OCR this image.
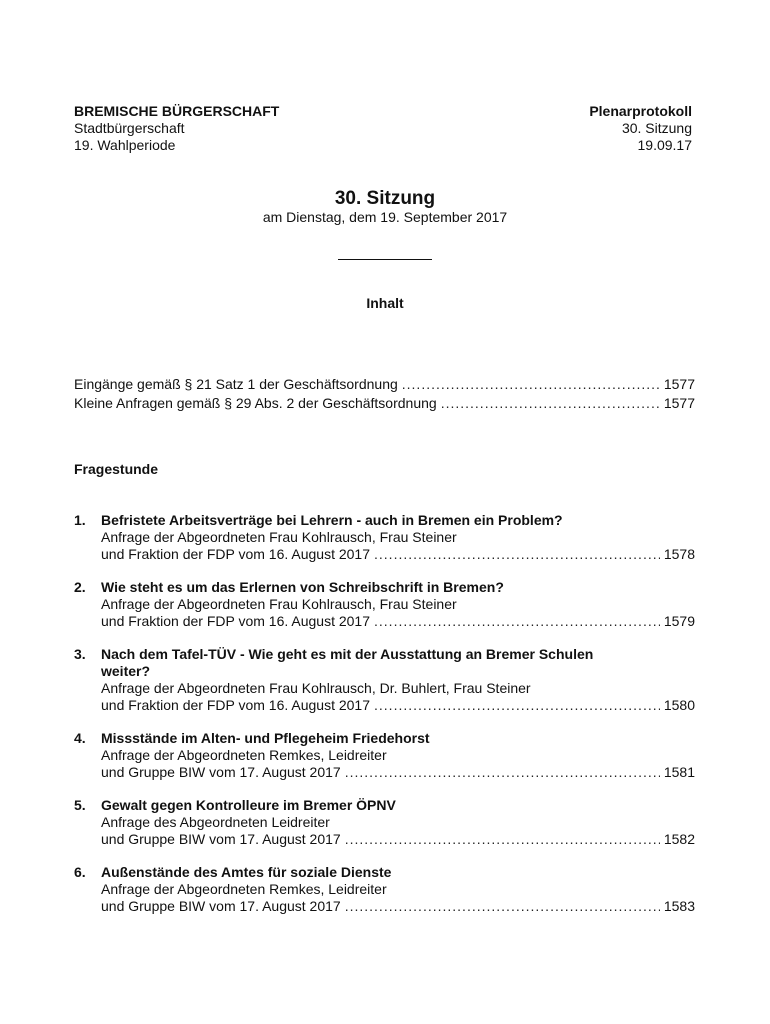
BREMISCHE BÜRGERSCHAFT
Stadtbürgerschaft
19. Wahlperiode
Plenarprotokoll
30. Sitzung
19.09.17
30. Sitzung
am Dienstag, dem 19. September 2017
Inhalt
Eingänge gemäß § 21 Satz 1 der Geschäftsordnung .....	1577
Kleine Anfragen gemäß § 29 Abs. 2 der Geschäftsordnung .....	1577
Fragestunde
1. Befristete Arbeitsverträge bei Lehrern - auch in Bremen ein Problem?
Anfrage der Abgeordneten Frau Kohlrausch, Frau Steiner
und Fraktion der FDP vom 16. August 2017 .....	1578
2. Wie steht es um das Erlernen von Schreibschrift in Bremen?
Anfrage der Abgeordneten Frau Kohlrausch, Frau Steiner
und Fraktion der FDP vom 16. August 2017 .....	1579
3. Nach dem Tafel-TÜV - Wie geht es mit der Ausstattung an Bremer Schulen weiter?
Anfrage der Abgeordneten Frau Kohlrausch, Dr. Buhlert, Frau Steiner
und Fraktion der FDP vom 16. August 2017 .....	1580
4. Missstände im Alten- und Pflegeheim Friedehorst
Anfrage der Abgeordneten Remkes, Leidreiter
und Gruppe BIW vom 17. August 2017 .....	1581
5. Gewalt gegen Kontrolleure im Bremer ÖPNV
Anfrage des Abgeordneten Leidreiter
und Gruppe BIW vom 17. August 2017 .....	1582
6. Außenstände des Amtes für soziale Dienste
Anfrage der Abgeordneten Remkes, Leidreiter
und Gruppe BIW vom 17. August 2017 .....	1583
